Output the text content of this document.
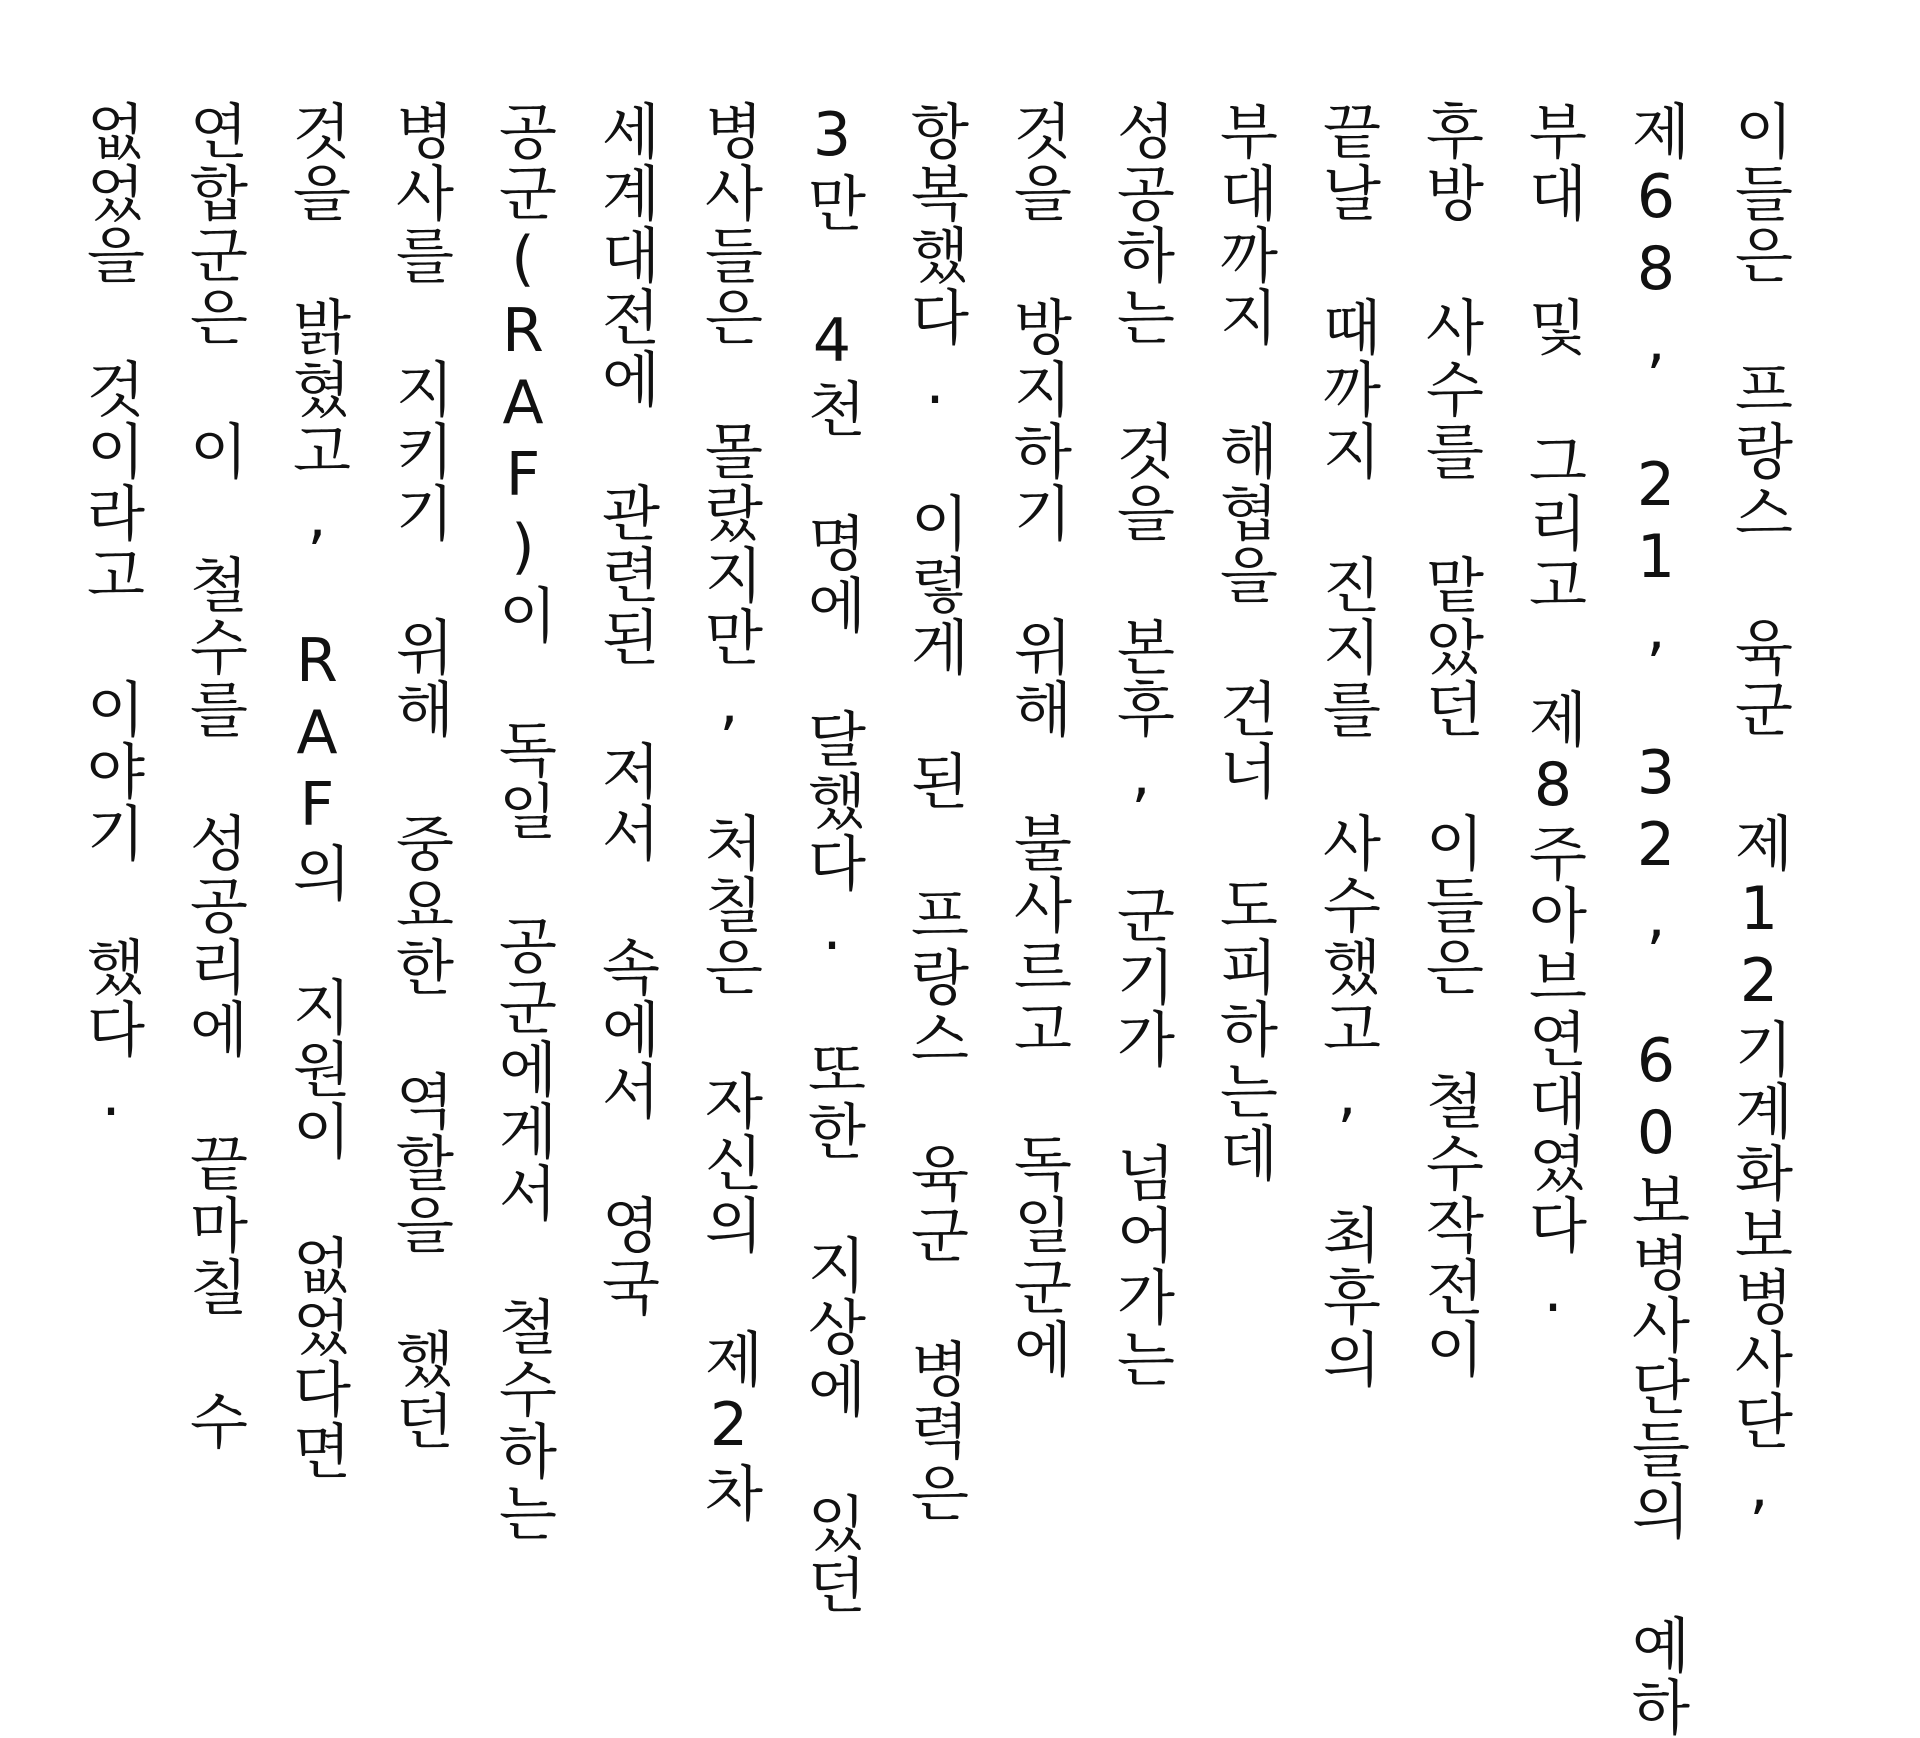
이들은 프랑스 육군 제12기계화보병사단,
제68, 21, 32, 60보병사단들의 예하
부대 및 그리고 제8주아브연대였다.
후방 사수를 맡았던 이들은 철수작전이
끝날 때까지 진지를 사수했고, 최후의
부대까지 해협을 건너 도피하는데
성공하는 것을 본후, 군기가 넘어가는
것을 방지하기 위해 불사르고 독일군에
항복했다. 이렇게 된 프랑스 육군 병력은
3만 4천 명에 달했다. 또한 지상에 있던
병사들은 몰랐지만, 처칠은 자신의 제2차
세계대전에 관련된 저서 속에서 영국
공군(RAF)이 독일 공군에게서 철수하는
병사를 지키기 위해 중요한 역할을 했던
것을 밝혔고, RAF의 지원이 없었다면
연합군은 이 철수를 성공리에 끝마칠 수
없었을 것이라고 이야기 했다.
